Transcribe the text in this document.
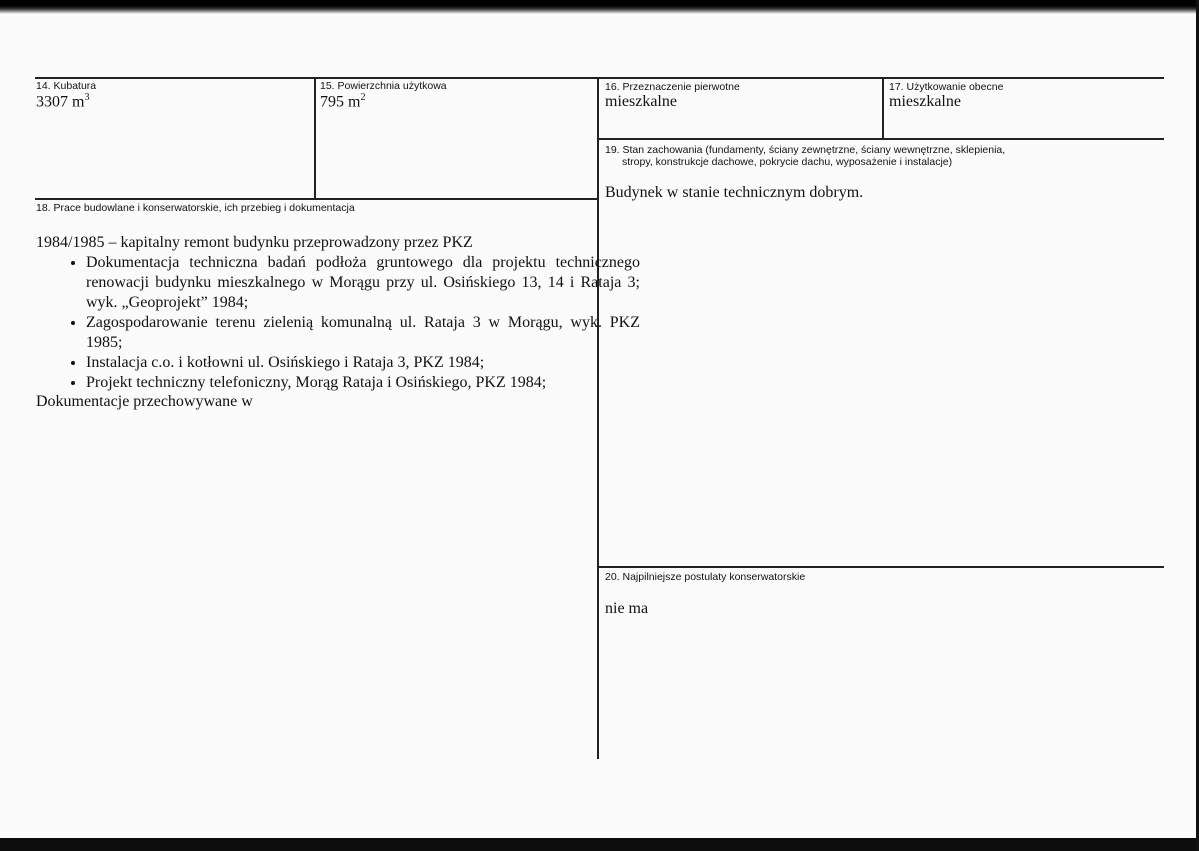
14. Kubatura
3307 $m^3$
15. Powierzchnia użytkowa
795 $m^2$
16. Przeznaczenie pierwotne
mieszkalne
17. Użytkowanie obecne
mieszkalne
19. Stan zachowania (fundamenty, ściany zewnętrzne, ściany wewnętrzne, sklepienia,
stropy, konstrukcje dachowe, pokrycie dachu, wyposażenie i instalacje)
Budynek w stanie technicznym dobrym.
18. Prace budowlane i konserwatorskie, ich przebieg i dokumentacja
1984/1985 – kapitalny remont budynku przeprowadzony przez PKZ
• Dokumentacja techniczna badań podłoża gruntowego dla projektu technicznego renowacji budynku mieszkalnego w Morągu przy ul. Osińskiego 13, 14 i Rataja 3; wyk. „Geoprojekt” 1984;
• Zagospodarowanie terenu zielenią komunalną ul. Rataja 3 w Morągu, wyk. PKZ 1985;
• Instalacja c.o. i kotłowni ul. Osińskiego i Rataja 3, PKZ 1984;
• Projekt techniczny telefoniczny, Morąg Rataja i Osińskiego, PKZ 1984;
Dokumentacje przechowywane w
20. Najpilniejsze postulaty konserwatorskie
nie ma
